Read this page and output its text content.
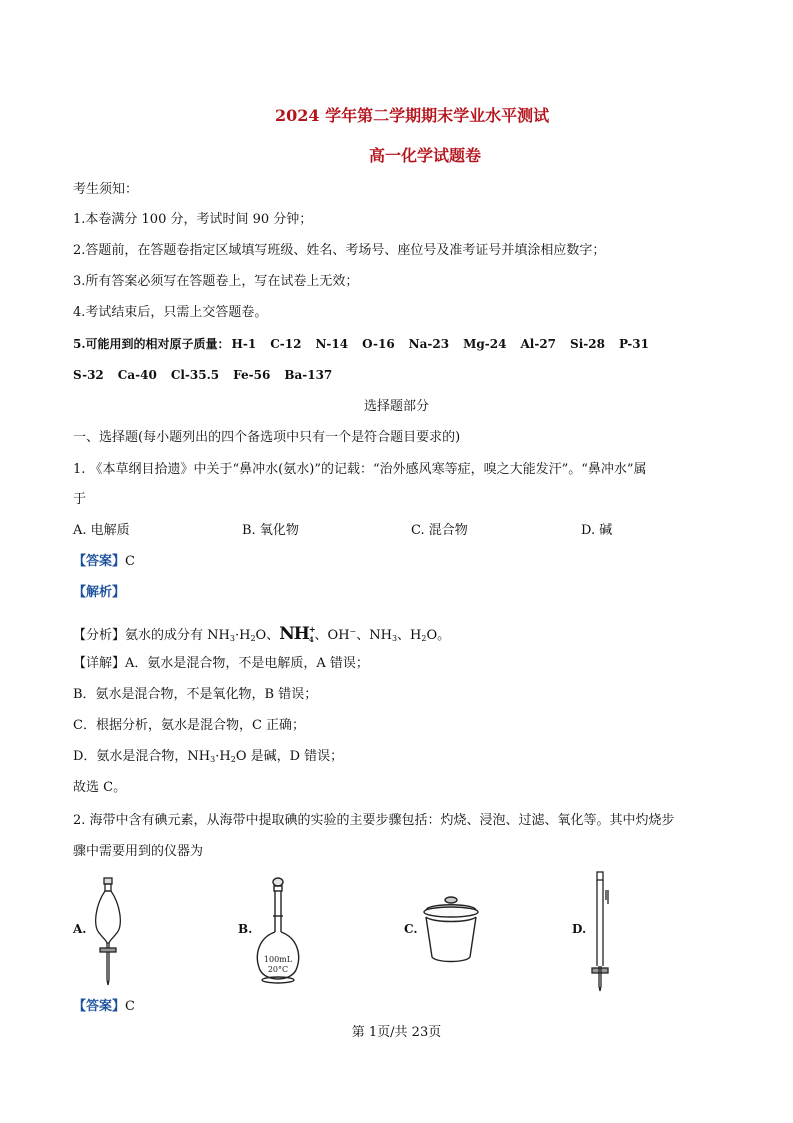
2024 学年第二学期期末学业水平测试
高一化学试题卷
考生须知：
1.本卷满分 100 分，考试时间 90 分钟；
2.答题前，在答题卷指定区域填写班级、姓名、考场号、座位号及准考证号并填涂相应数字；
3.所有答案必须写在答题卷上，写在试卷上无效；
4.考试结束后，只需上交答题卷。
5.可能用到的相对原子质量： H-1 C-12 N-14 O-16 Na-23 Mg-24 Al-27 Si-28 P-31
S-32 Ca-40 Cl-35.5 Fe-56 Ba-137
选择题部分
一、选择题(每小题列出的四个备选项中只有一个是符合题目要求的)
1. 《本草纲目拾遗》中关于“鼻冲水(氨水)”的记载：“治外感风寒等症，嗅之大能发汗”。“鼻冲水”属
于
A. 电解质	B. 氧化物	C. 混合物	D. 碱
【答案】C
【解析】
【分析】氨水的成分有 $NH_3\cdot H_2O$、NH4+、OH−、$NH_3$、$H_2O$。
【详解】A．氨水是混合物，不是电解质，A 错误；
B．氨水是混合物，不是氧化物，B 错误；
C．根据分析，氨水是混合物，C 正确；
D．氨水是混合物，$NH_3\cdot H_2O$ 是碱，D 错误；
故选 C。
2. 海带中含有碘元素，从海带中提取碘的实验的主要步骤包括：灼烧、浸泡、过滤、氧化等。其中灼烧步
骤中需要用到的仪器为
A.	B.	C.	D.
100mL
20°C
【答案】C
第 1页/共 23页
